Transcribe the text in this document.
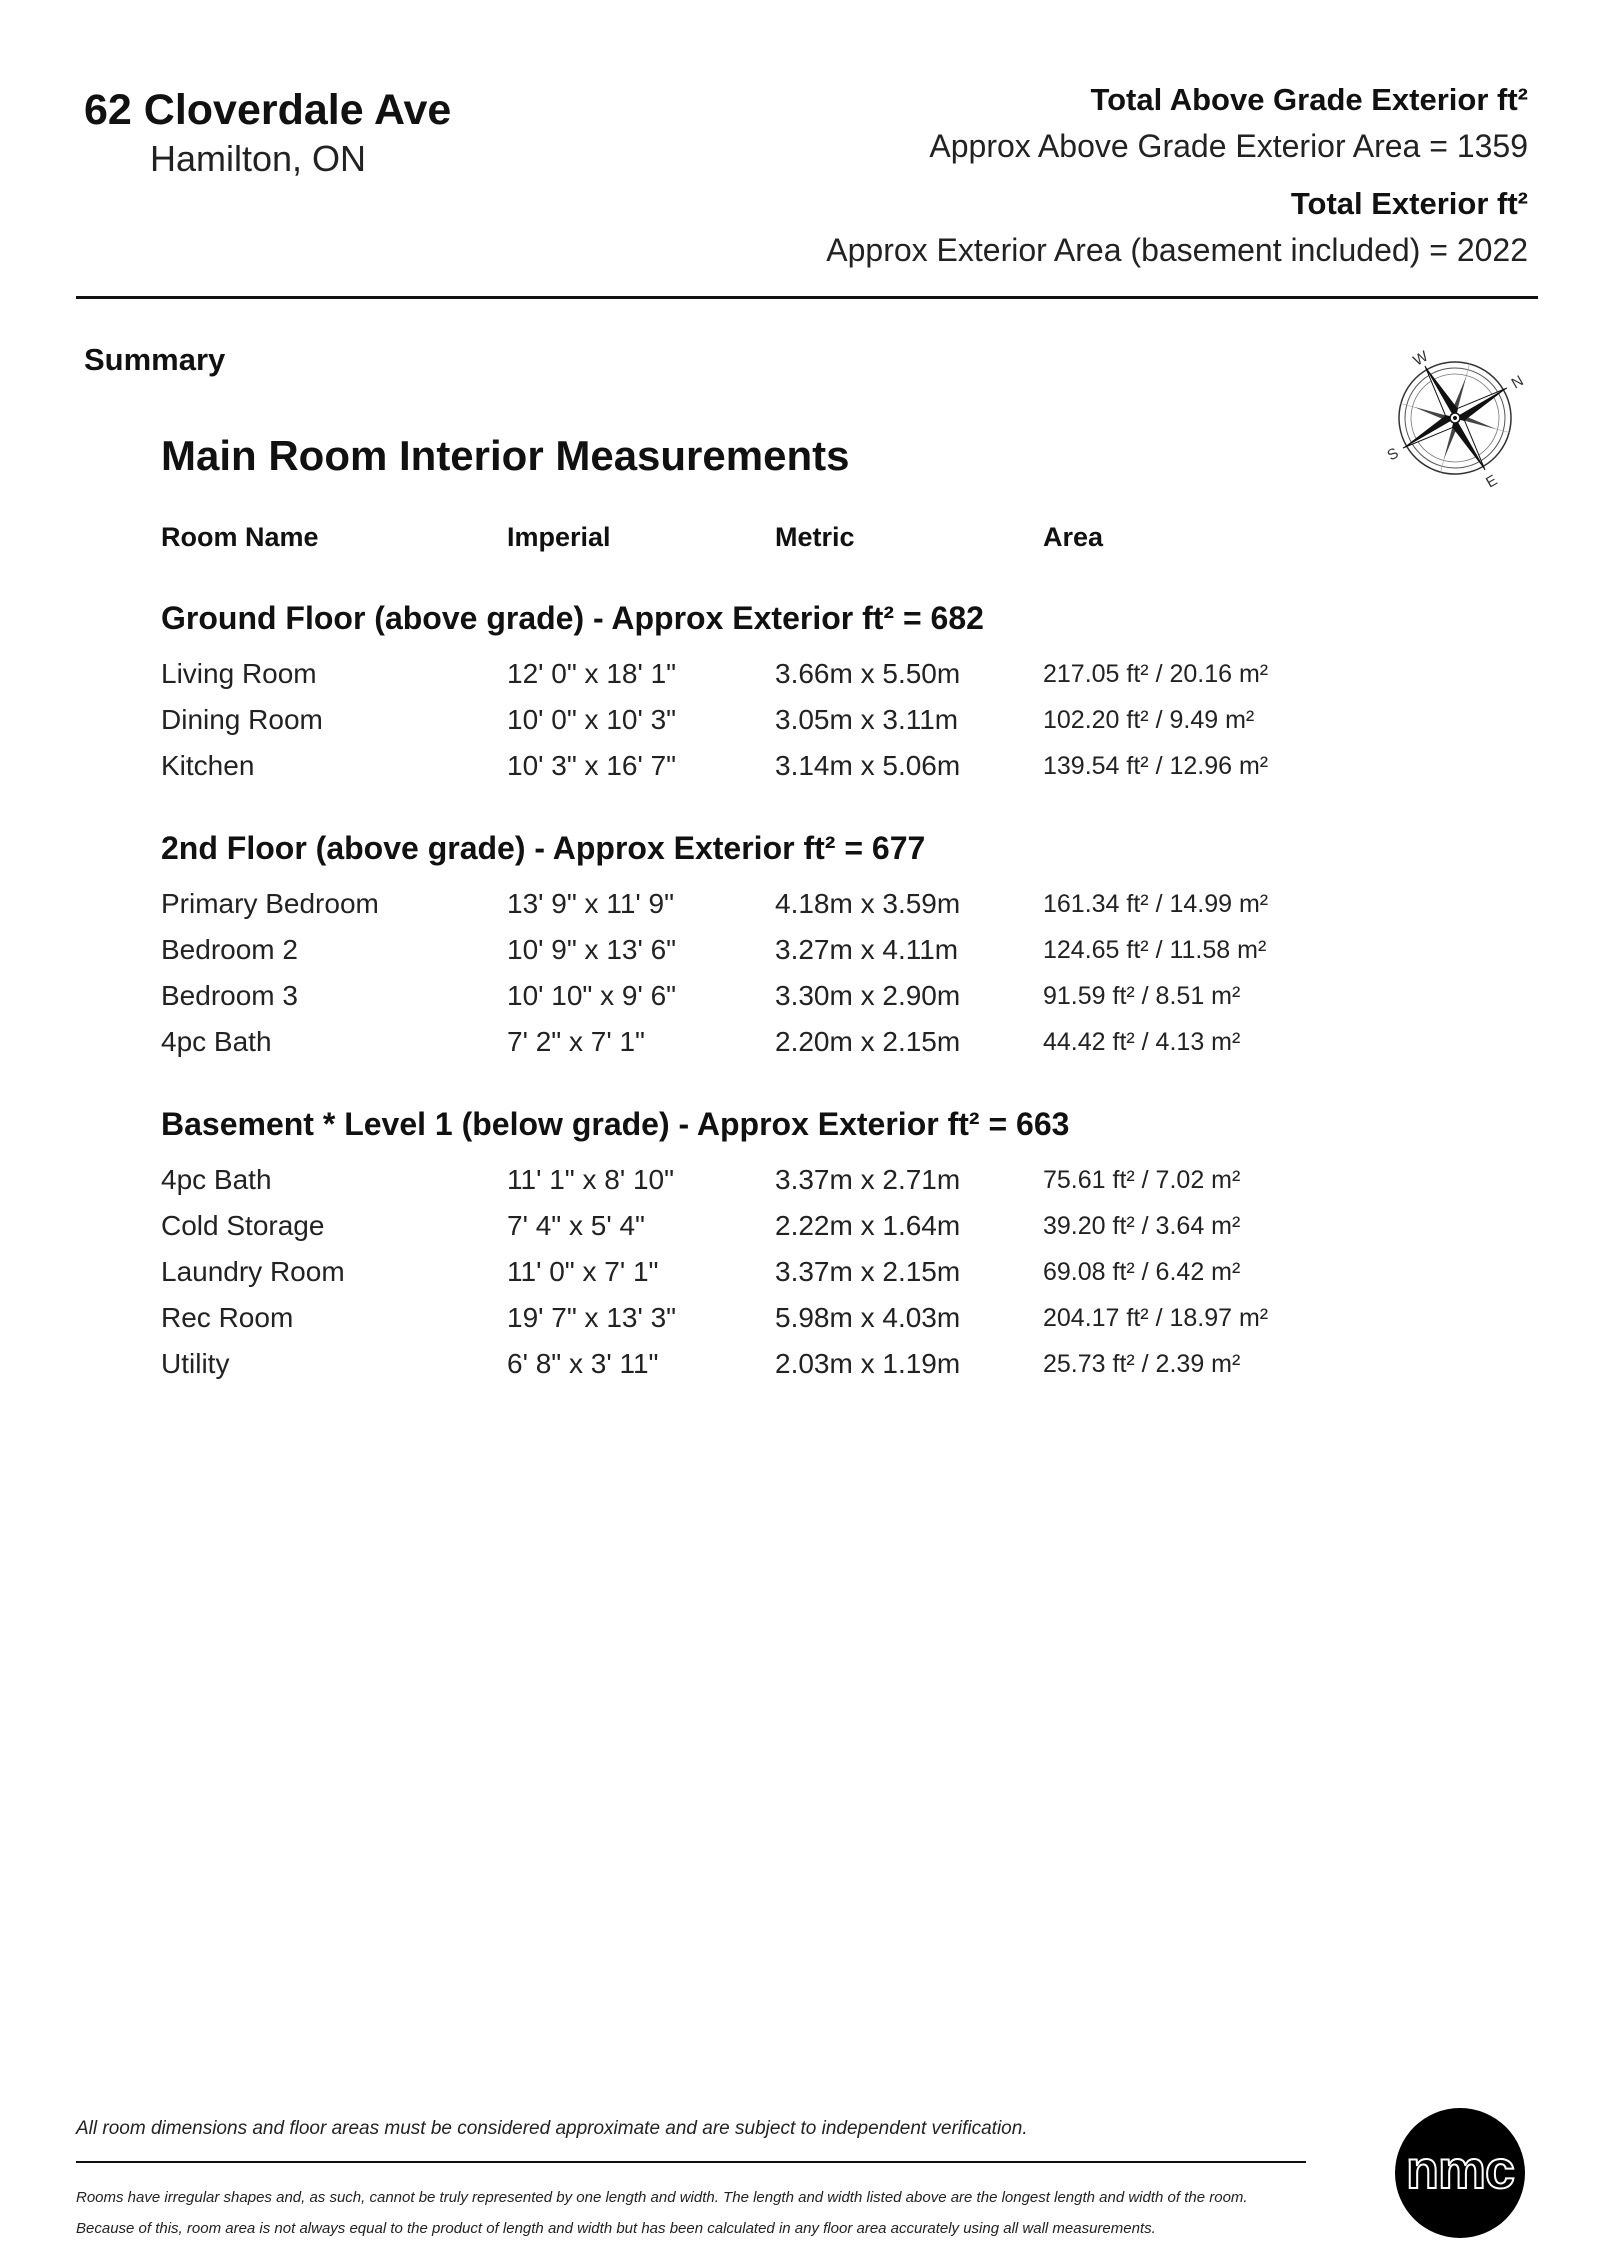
62 Cloverdale Ave
Hamilton, ON
Total Above Grade Exterior ft²
Approx Above Grade Exterior Area = 1359
Total Exterior ft²
Approx Exterior Area (basement included) = 2022
Summary	W
N
E
S
Main Room Interior Measurements
Room Name	Imperial	Metric	Area
Ground Floor (above grade) - Approx Exterior ft² = 682
Living Room	12' 0" x 18' 1"	3.66m x 5.50m	217.05 ft² / 20.16 m²
Dining Room	10' 0" x 10' 3"	3.05m x 3.11m	102.20 ft² / 9.49 m²
Kitchen	10' 3" x 16' 7"	3.14m x 5.06m	139.54 ft² / 12.96 m²
2nd Floor (above grade) - Approx Exterior ft² = 677
Primary Bedroom	13' 9" x 11' 9"	4.18m x 3.59m	161.34 ft² / 14.99 m²
Bedroom 2	10' 9" x 13' 6"	3.27m x 4.11m	124.65 ft² / 11.58 m²
Bedroom 3	10' 10" x 9' 6"	3.30m x 2.90m	91.59 ft² / 8.51 m²
4pc Bath	7' 2" x 7' 1"	2.20m x 2.15m	44.42 ft² / 4.13 m²
Basement * Level 1 (below grade) - Approx Exterior ft² = 663
4pc Bath	11' 1" x 8' 10"	3.37m x 2.71m	75.61 ft² / 7.02 m²
Cold Storage	7' 4" x 5' 4"	2.22m x 1.64m	39.20 ft² / 3.64 m²
Laundry Room	11' 0" x 7' 1"	3.37m x 2.15m	69.08 ft² / 6.42 m²
Rec Room	19' 7" x 13' 3"	5.98m x 4.03m	204.17 ft² / 18.97 m²
Utility	6' 8" x 3' 11"	2.03m x 1.19m	25.73 ft² / 2.39 m²
All room dimensions and floor areas must be considered approximate and are subject to independent verification.
Rooms have irregular shapes and, as such, cannot be truly represented by one length and width. The length and width listed above are the longest length and width of the room.
Because of this, room area is not always equal to the product of length and width but has been calculated in any floor area accurately using all wall measurements.
nmc
